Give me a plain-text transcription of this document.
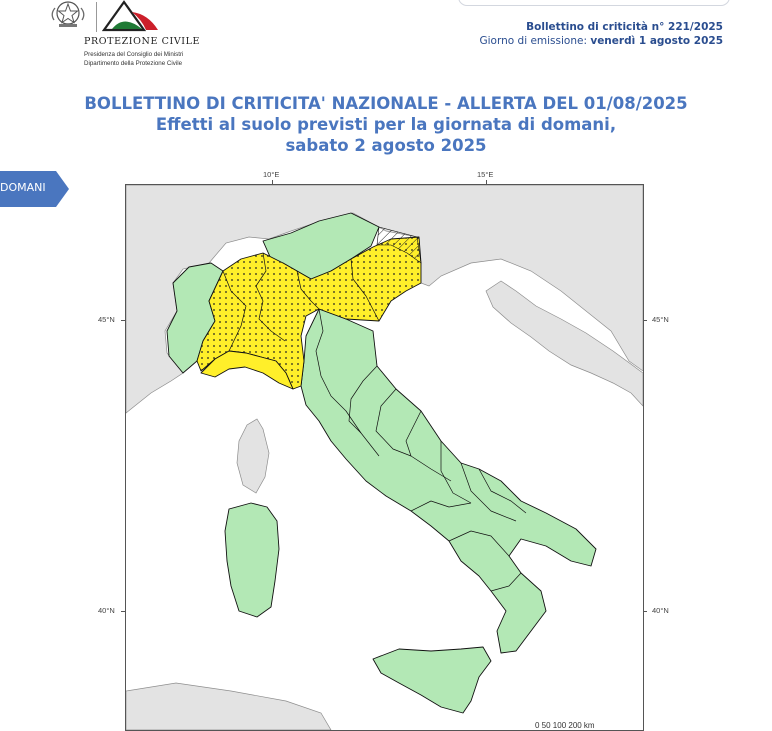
PROTEZIONE CIVILE
Presidenza del Consiglio dei Ministri
Dipartimento della Protezione Civile
Bollettino di criticità n° 221/2025
Giorno di emissione: venerdì 1 agosto 2025
BOLLETTINO DI CRITICITA' NAZIONALE - ALLERTA DEL 01/08/2025
Effetti al suolo previsti per la giornata di domani,
sabato 2 agosto 2025
DOMANI
10°E	15°E
45°N	45°N
40°N	40°N
0 50 100 200 km
